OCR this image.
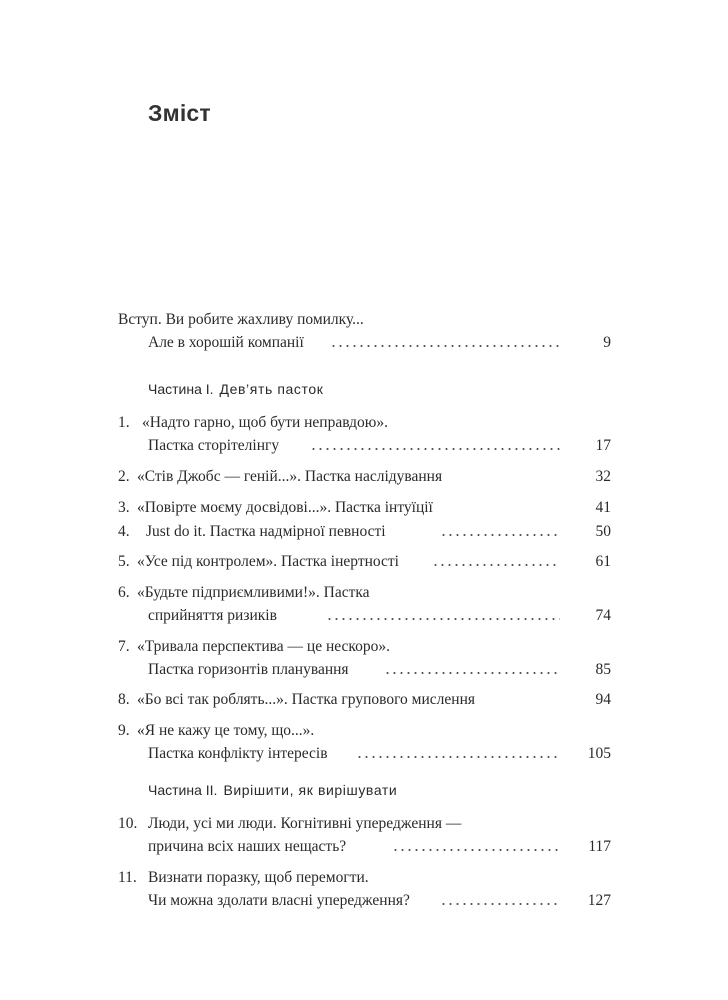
Зміст
Вступ. Ви робите жахливу помилку...
Але в хорошій компанії	9
Частина I. Дев’ять пасток
1. «Надто гарно, щоб бути неправдою».
Пастка сторітелінгу	17
2. «Стів Джобс — геній...». Пастка наслідування	32
3. «Повірте моєму досвідові...». Пастка інтуїції	41
4.	Just do it. Пастка надмірної певності	50
5. «Усе під контролем». Пастка інертності	61
6. «Будьте підприємливими!». Пастка
сприйняття ризиків	74
7. «Тривала перспектива — це нескоро».
Пастка горизонтів планування	85
8. «Бо всі так роблять...». Пастка групового мислення	94
9. «Я не кажу це тому, що...».
Пастка конфлікту інтересів	105
Частина II. Вирішити, як вирішувати
10. Люди, усі ми люди. Когнітивні упередження —
причина всіх наших нещасть?	117
11. Визнати поразку, щоб перемогти.
Чи можна здолати власні упередження?	127
